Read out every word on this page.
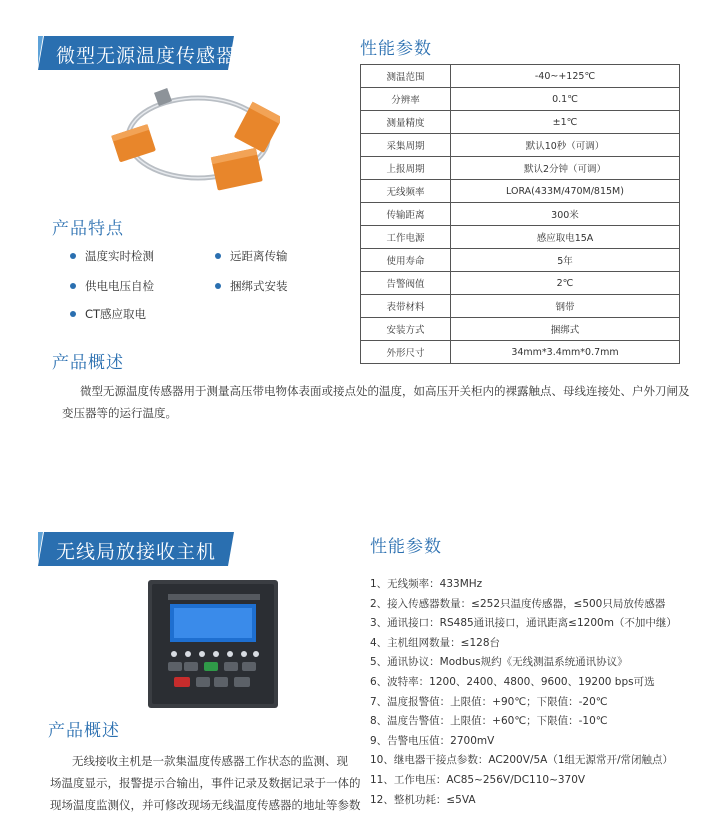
微型无源温度传感器
产品特点
温度实时检测	远距离传输
供电电压自检	捆绑式安装
CT感应取电
产品概述
微型无源温度传感器用于测量高压带电物体表面或接点处的温度，如高压开关柜内的裸露触点、母线连接处、户外刀闸及
变压器等的运行温度。
性能参数
测温范围	-40~+125℃
分辨率	0.1℃
测量精度	±1℃
采集周期	默认10秒（可调）
上报周期	默认2分钟（可调）
无线频率	LORA(433M/470M/815M)
传输距离	300米
工作电源	感应取电15A
使用寿命	5年
告警阀值	2℃
表带材料	钢带
安装方式	捆绑式
外形尺寸	34mm*3.4mm*0.7mm
无线局放接收主机
产品概述
无线接收主机是一款集温度传感器工作状态的监测、现
场温度显示，报警提示合输出，事件记录及数据记录于一体的
现场温度监测仪，并可修改现场无线温度传感器的地址等参数
性能参数
1、无线频率：433MHz
2、接入传感器数量：≤252只温度传感器，≤500只局放传感器
3、通讯接口：RS485通讯接口，通讯距离≤1200m（不加中继）
4、主机组网数量：≤128台
5、通讯协议：Modbus规约《无线测温系统通讯协议》
6、波特率：1200、2400、4800、9600、19200 bps可选
7、温度报警值：上限值：+90℃；下限值：-20℃
8、温度告警值：上限值：+60℃；下限值：-10℃
9、告警电压值：2700mV
10、继电器干接点参数：AC200V/5A（1组无源常开/常闭触点）
11、工作电压：AC85~256V/DC110~370V
12、整机功耗：≤5VA
